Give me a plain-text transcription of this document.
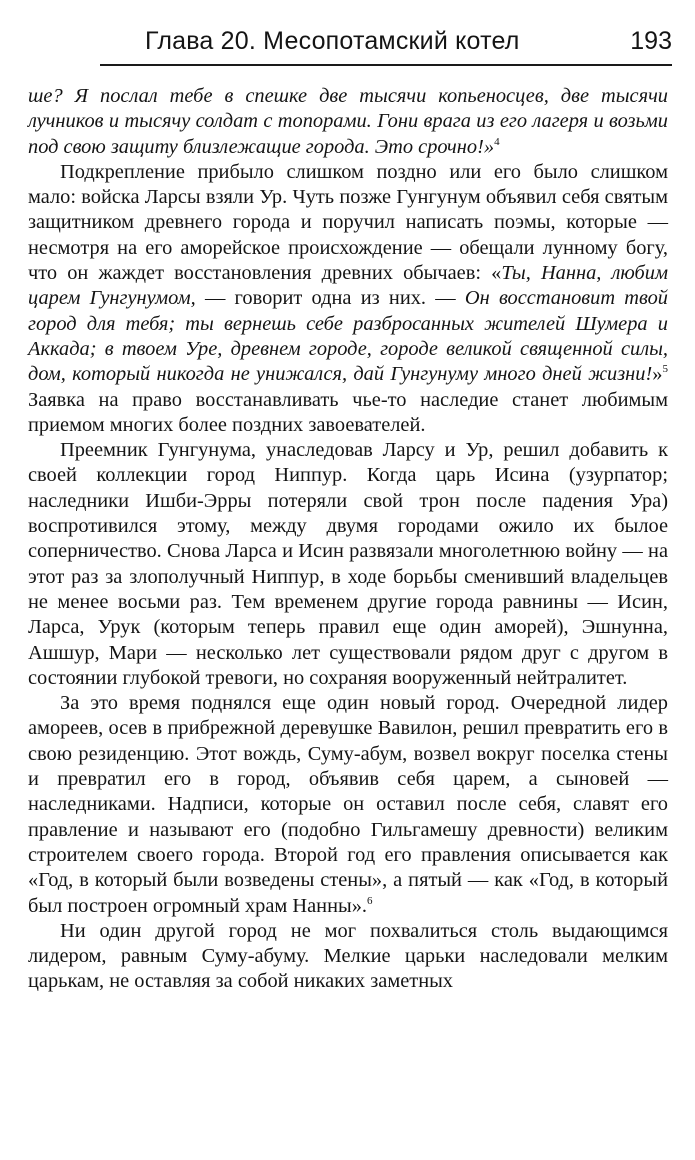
Глава 20. Месопотамский котел	193

ше? Я послал тебе в спешке две тысячи копьеносцев, две тысячи лучников и тысячу солдат с топорами. Гони врага из его лагеря и возьми под свою защиту близлежащие города. Это срочно!»$^4$

Подкрепление прибыло слишком поздно или его было слишком мало: войска Ларсы взяли Ур. Чуть позже Гунгунум объявил себя святым защитником древнего города и поручил написать поэмы, которые — несмотря на его аморейское происхождение — обещали лунному богу, что он жаждет восстановления древних обычаев: «Ты, Нанна, любим царем Гунгунумом, — говорит одна из них. — Он восстановит твой город для тебя; ты вернешь себе разбросанных жителей Шумера и Аккада; в твоем Уре, древнем городе, городе великой священной силы, дом, который никогда не унижался, дай Гунгунуму много дней жизни!»$^5$ Заявка на право восстанавливать чье-то наследие станет любимым приемом многих более поздних завоевателей.

Преемник Гунгунума, унаследовав Ларсу и Ур, решил добавить к своей коллекции город Ниппур. Когда царь Исина (узурпатор; наследники Ишби-Эрры потеряли свой трон после падения Ура) воспротивился этому, между двумя городами ожило их былое соперничество. Снова Ларса и Исин развязали многолетнюю войну — на этот раз за злополучный Ниппур, в ходе борьбы сменивший владельцев не менее восьми раз. Тем временем другие города равнины — Исин, Ларса, Урук (которым теперь правил еще один аморей), Эшнунна, Ашшур, Мари — несколько лет существовали рядом друг с другом в состоянии глубокой тревоги, но сохраняя вооруженный нейтралитет.

За это время поднялся еще один новый город. Очередной лидер амореев, осев в прибрежной деревушке Вавилон, решил превратить его в свою резиденцию. Этот вождь, Суму-абум, возвел вокруг поселка стены и превратил его в город, объявив себя царем, а сыновей — наследниками. Надписи, которые он оставил после себя, славят его правление и называют его (подобно Гильгамешу древности) великим строителем своего города. Второй год его правления описывается как «Год, в который были возведены стены», а пятый — как «Год, в который был построен огромный храм Нанны».$^6$

Ни один другой город не мог похвалиться столь выдающимся лидером, равным Суму-абуму. Мелкие царьки наследовали мелким царькам, не оставляя за собой никаких заметных
